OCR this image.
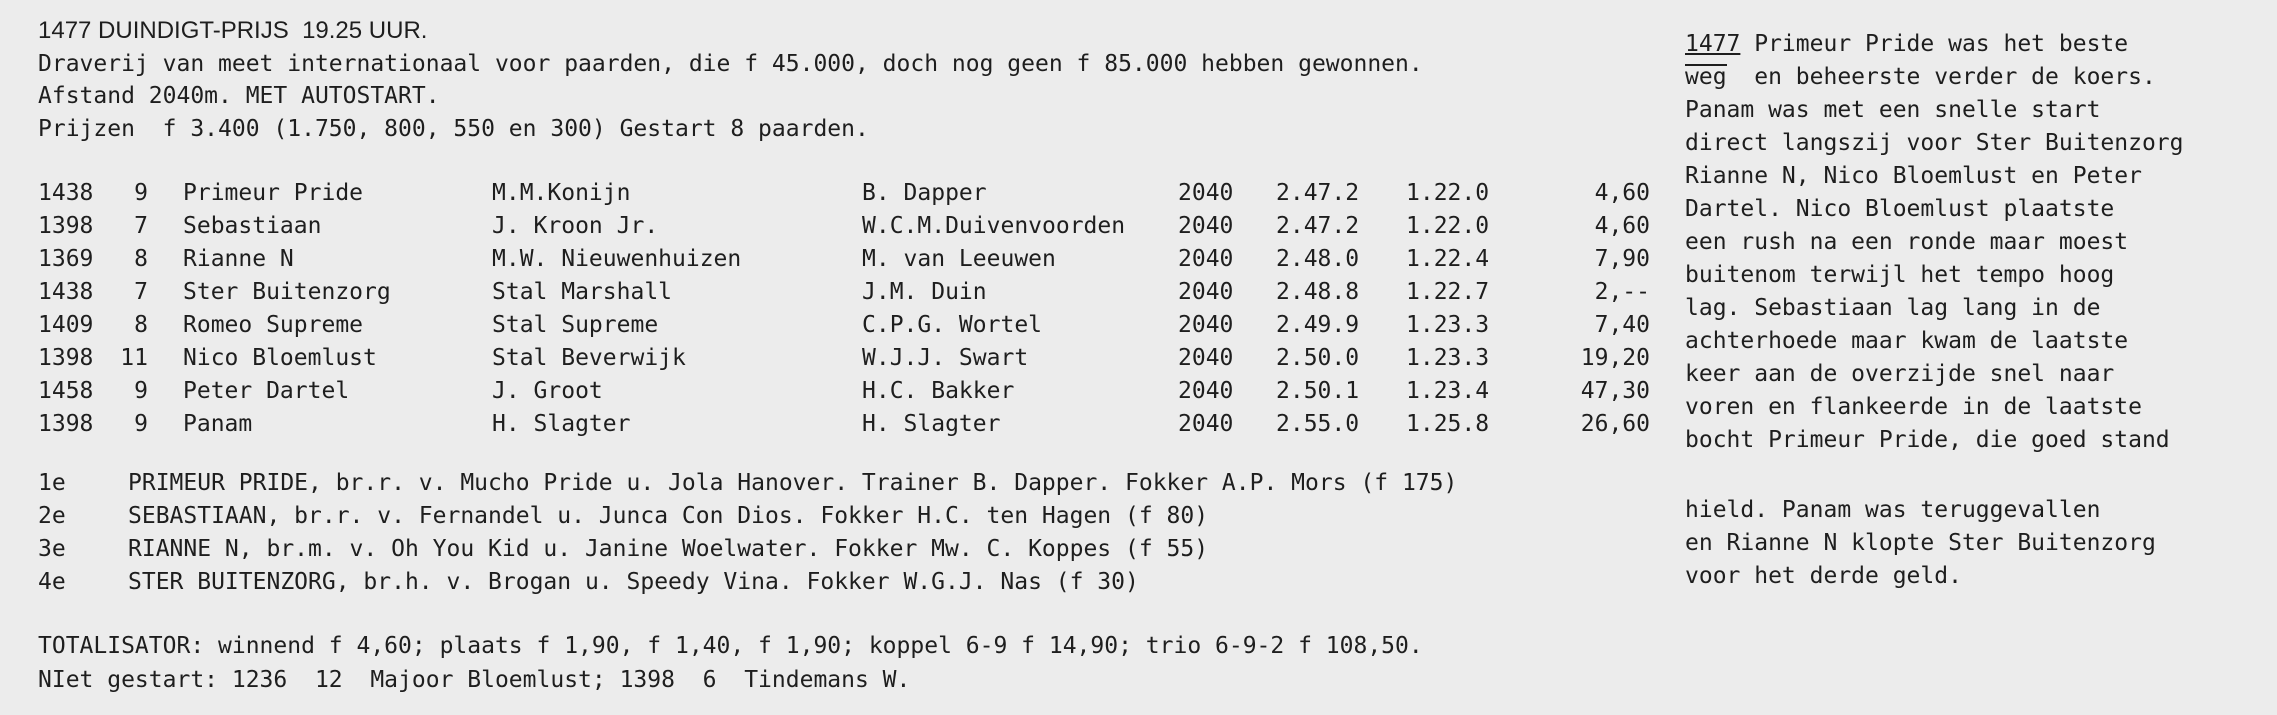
1477 DUINDIGT-PRIJS  19.25 UUR.
Draverij van meet internationaal voor paarden, die f 45.000, doch nog geen f 85.000 hebben gewonnen.
Afstand 2040m. MET AUTOSTART.
Prijzen  f 3.400 (1.750, 800, 550 en 300) Gestart 8 paarden.
1438	9 Primeur Pride	M.M.Konijn	B. Dapper	2040 2.47.2 1.22.0	4,60
1398	7 Sebastiaan	J. Kroon Jr.	W.C.M.Duivenvoorden 2040 2.47.2 1.22.0	4,60
1369	8 Rianne N	M.W. Nieuwenhuizen	M. van Leeuwen	2040 2.48.0 1.22.4	7,90
1438	7 Ster Buitenzorg	Stal Marshall	J.M. Duin	2040 2.48.8 1.22.7	2,--
1409	8 Romeo Supreme	Stal Supreme	C.P.G. Wortel	2040 2.49.9 1.23.3	7,40
1398	11 Nico Bloemlust	Stal Beverwijk	W.J.J. Swart	2040 2.50.0 1.23.3	19,20
1458	9 Peter Dartel	J. Groot	H.C. Bakker	2040 2.50.1 1.23.4	47,30
1398	9 Panam	H. Slagter	H. Slagter	2040 2.55.0 1.25.8	26,60
1e	PRIMEUR PRIDE, br.r. v. Mucho Pride u. Jola Hanover. Trainer B. Dapper. Fokker A.P. Mors (f 175)
2e	SEBASTIAAN, br.r. v. Fernandel u. Junca Con Dios. Fokker H.C. ten Hagen (f 80)
3e	RIANNE N, br.m. v. Oh You Kid u. Janine Woelwater. Fokker Mw. C. Koppes (f 55)
4e	STER BUITENZORG, br.h. v. Brogan u. Speedy Vina. Fokker W.G.J. Nas (f 30)
TOTALISATOR: winnend f 4,60; plaats f 1,90, f 1,40, f 1,90; koppel 6-9 f 14,90; trio 6-9-2 f 108,50.
NIet gestart: 1236  12  Majoor Bloemlust; 1398  6  Tindemans W.
1477 Primeur Pride was het beste
weg  en beheerste verder de koers.
Panam was met een snelle start
direct langszij voor Ster Buitenzorg
Rianne N, Nico Bloemlust en Peter
Dartel. Nico Bloemlust plaatste
een rush na een ronde maar moest
buitenom terwijl het tempo hoog
lag. Sebastiaan lag lang in de
achterhoede maar kwam de laatste
keer aan de overzijde snel naar
voren en flankeerde in de laatste
bocht Primeur Pride, die goed stand
hield. Panam was teruggevallen
en Rianne N klopte Ster Buitenzorg
voor het derde geld.
